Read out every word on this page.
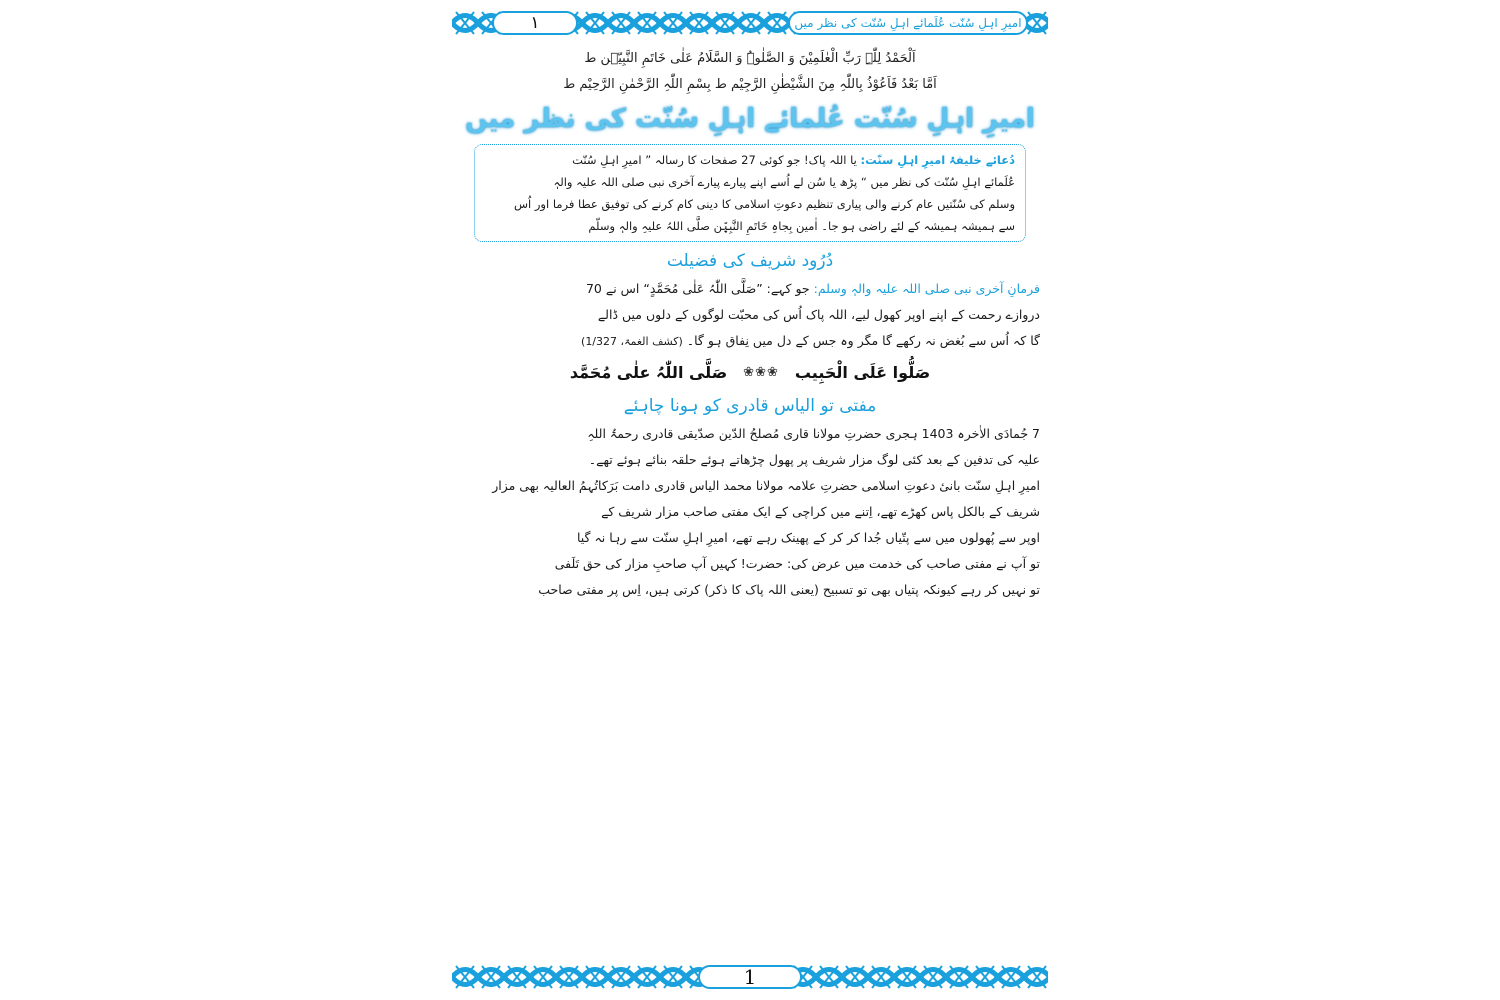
١	امیرِ اہلِ سُنّت عُلَمائے اہلِ سُنّت کی نظر میں
اَلْحَمْدُ لِلّٰہِ رَبِّ الْعٰلَمِیْنَ وَ الصَّلٰوۃُ وَ السَّلَامُ عَلٰی خَاتَمِ النَّبِیّٖن ط
اَمَّا بَعْدُ فَاَعُوْذُ بِاللّٰہِ مِنَ الشَّیْطٰنِ الرَّجِیْم ط بِسْمِ اللّٰہِ الرَّحْمٰنِ الرَّحِیْم ط
امیرِ اہلِ سُنّت عُلمائے اہلِ سُنّت کی نظر میں
دُعائے خلیفۂ امیرِ اہلِ سنّت: یا اللہ پاک! جو کوئی 27 صفحات کا رسالہ ” امیرِ اہلِ سُنّت
عُلَمائے اہلِ سُنّت کی نظر میں “ پڑھ یا سُن لے اُسے اپنے پیارے پیارے آخری نبی صلی اللہ علیہ والہٖ
وسلم کی سُنّتیں عام کرنے والی پیاری تنظیم دعوتِ اسلامی کا دینی کام کرنے کی توفیق عطا فرما اور اُس
سے ہمیشہ ہمیشہ کے لئے راضی ہو جا۔ اٰمین بِجاہِ خَاتَمِ النَّبِیّٖن صلَّی اللہُ علیہِ والہٖ وسلّم
دُرُود شریف کی فضیلت
فرمانِ آخری نبی صلی اللہ علیہ والہٖ وسلم: جو کہے: ”صَلَّی اللّٰہُ عَلٰی مُحَمَّدٍ“ اس نے 70
دروازے رحمت کے اپنے اوپر کھول لیے، اللہ پاک اُس کی محبّت لوگوں کے دلوں میں ڈالے
گا کہ اُس سے بُغض نہ رکھے گا مگر وہ جس کے دل میں نِفاق ہو گا۔ (کشف الغمۃ، 1/327)
صَلُّوا عَلَی الْحَبِیب
❀❀❀
صَلَّی اللّٰہُ علٰی مُحَمَّد
مفتی تو الیاس قادری کو ہونا چاہئے
7 جُمادَی الاٰخرہ 1403 ہجری حضرتِ مولانا قاری مُصلحُ الدّین صدّیقی قادری رحمۃُ اللہِ
علیہ کی تدفین کے بعد کئی لوگ مزار شریف پر پھول چڑھاتے ہوئے حلقہ بنائے ہوئے تھے۔
امیرِ اہلِ سنّت بانیٔ دعوتِ اسلامی حضرتِ علامہ مولانا محمد الیاس قادری دامت بَرَکاتُہمُ العالیہ بھی مزار
شریف کے بالکل پاس کھڑے تھے، اِتنے میں کراچی کے ایک مفتی صاحب مزار شریف کے
اوپر سے پُھولوں میں سے پتّیاں جُدا کر کر کے پھینک رہے تھے، امیرِ اہلِ سنّت سے رہا نہ گیا
تو آپ نے مفتی صاحب کی خدمت میں عرض کی: حضرت! کہیں آپ صاحبِ مزار کی حق تَلَفی
تو نہیں کر رہے کیونکہ پتیاں بھی تو تسبیح (یعنی اللہ پاک کا ذکر) کرتی ہیں، اِس پر مفتی صاحب
1
